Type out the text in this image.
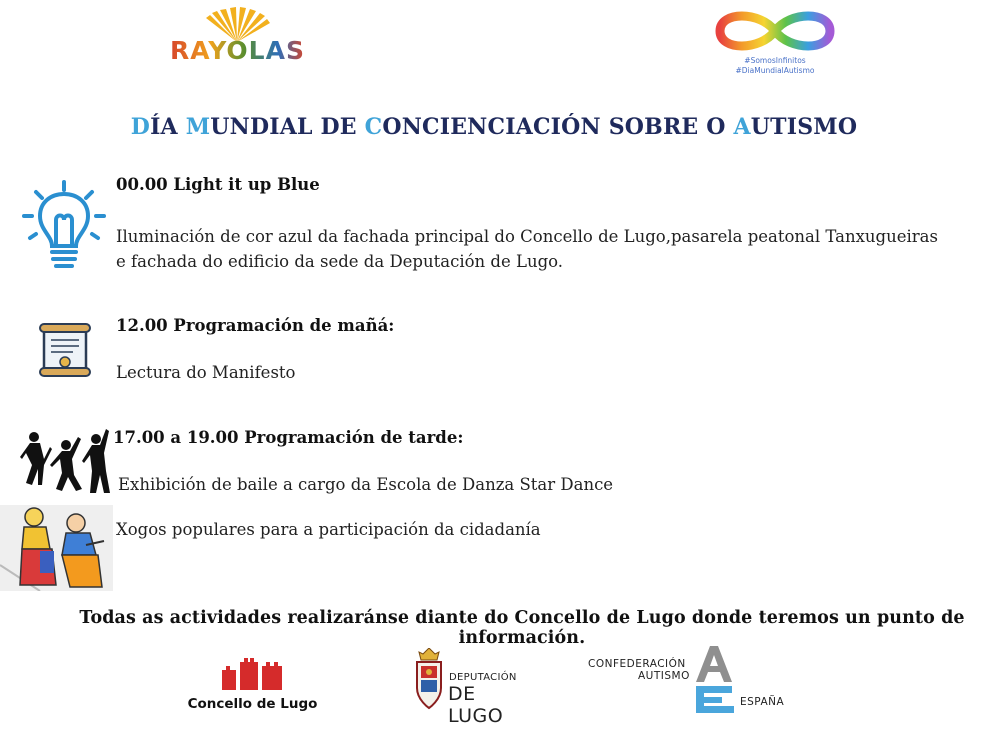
RAYOLAS	#SomosInfinitos
#DiaMundialAutismo
DÍA MUNDIAL DE CONCIENCIACIÓN SOBRE O AUTISMO
00.00 Light it up Blue
Iluminación de cor azul da fachada principal do Concello de Lugo,pasarela peatonal Tanxugueiras e fachada do edificio da sede da Deputación de Lugo.
12.00 Programación de mañá:
Lectura do Manifesto
17.00 a 19.00 Programación de tarde:
Exhibición de baile a cargo da Escola de Danza Star Dance
Xogos populares para a participación da cidadanía
Todas as actividades realizaránse diante do Concello de Lugo donde teremos un punto de información.
Concello de Lugo
DEPUTACIÓN
DE LUGO
CONFEDERACIÓN
AUTISMO
ESPAÑA
